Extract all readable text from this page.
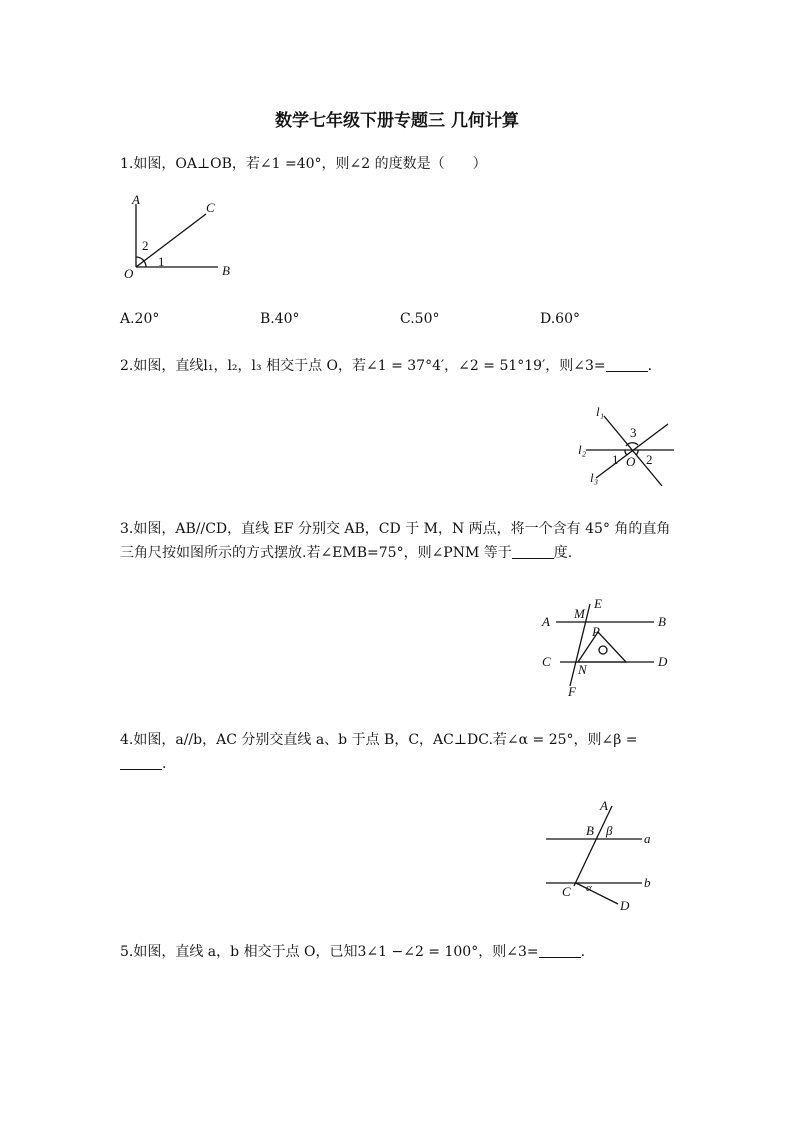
数学七年级下册专题三 几何计算
1.如图，OA⊥OB，若∠1 =40°，则∠2 的度数是（　　）
A
C
2
1
O	B
A.20°	B.40°	C.50°	D.60°
2.如图，直线l₁，l₂，l₃ 相交于点 O，若∠1 = 37°4′，∠2 = 51°19′，则∠3=	.
l₁
l₂
l₃
3
1 O 2
3.如图，AB//CD，直线 EF 分别交 AB，CD 于 M，N 两点，将一个含有 45° 角的直角三角尺按如图所示的方式摆放.若∠EMB=75°，则∠PNM 等于	度.
A
M
E
B
P
C
N
D
F
4.如图，a//b，AC 分别交直线 a、b 于点 B，C，AC⊥DC.若∠α = 25°，则∠β =
.
A
B β
a
C α	b
D
5.如图，直线 a，b 相交于点 O，已知3∠1 −∠2 = 100°，则∠3=	.
